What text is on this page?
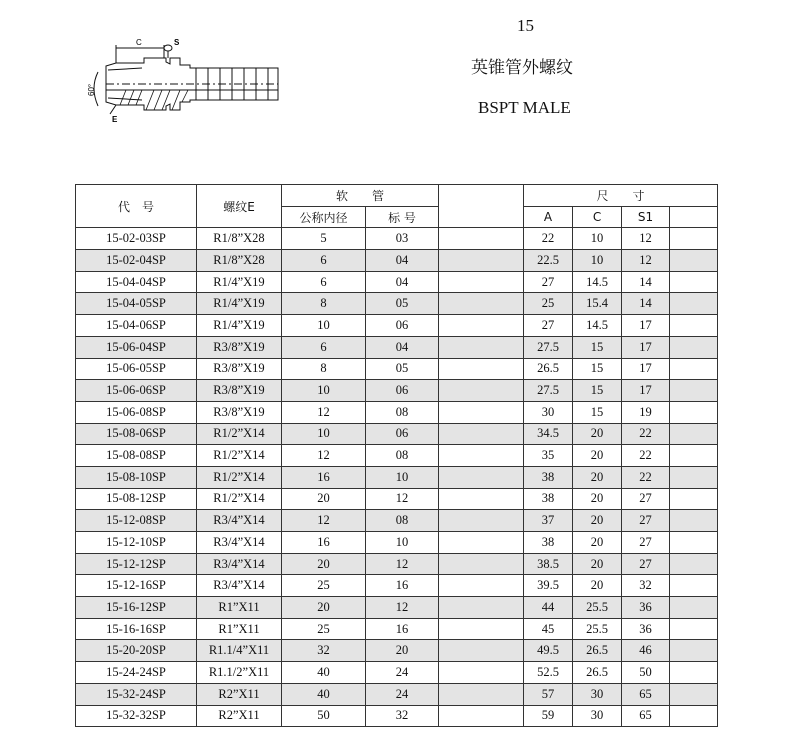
15
英锥管外螺纹
BSPT MALE
C	S
60°
E
代　号	螺纹E	软　　管			尺　　寸			
		公称内径	标 号		A	C	S1	
15-02-03SP	R1/8”X28	5	03		22	10	12	
15-02-04SP	R1/8”X28	6	04		22.5	10	12	
15-04-04SP	R1/4”X19	6	04		27	14.5	14	
15-04-05SP	R1/4”X19	8	05		25	15.4	14	
15-04-06SP	R1/4”X19	10	06		27	14.5	17	
15-06-04SP	R3/8”X19	6	04		27.5	15	17	
15-06-05SP	R3/8”X19	8	05		26.5	15	17	
15-06-06SP	R3/8”X19	10	06		27.5	15	17	
15-06-08SP	R3/8”X19	12	08		30	15	19	
15-08-06SP	R1/2”X14	10	06		34.5	20	22	
15-08-08SP	R1/2”X14	12	08		35	20	22	
15-08-10SP	R1/2”X14	16	10		38	20	22	
15-08-12SP	R1/2”X14	20	12		38	20	27	
15-12-08SP	R3/4”X14	12	08		37	20	27	
15-12-10SP	R3/4”X14	16	10		38	20	27	
15-12-12SP	R3/4”X14	20	12		38.5	20	27	
15-12-16SP	R3/4”X14	25	16		39.5	20	32	
15-16-12SP	R1”X11	20	12		44	25.5	36	
15-16-16SP	R1”X11	25	16		45	25.5	36	
15-20-20SP	R1.1/4”X11	32	20		49.5	26.5	46	
15-24-24SP	R1.1/2”X11	40	24		52.5	26.5	50	
15-32-24SP	R2”X11	40	24		57	30	65	
15-32-32SP	R2”X11	50	32		59	30	65	
